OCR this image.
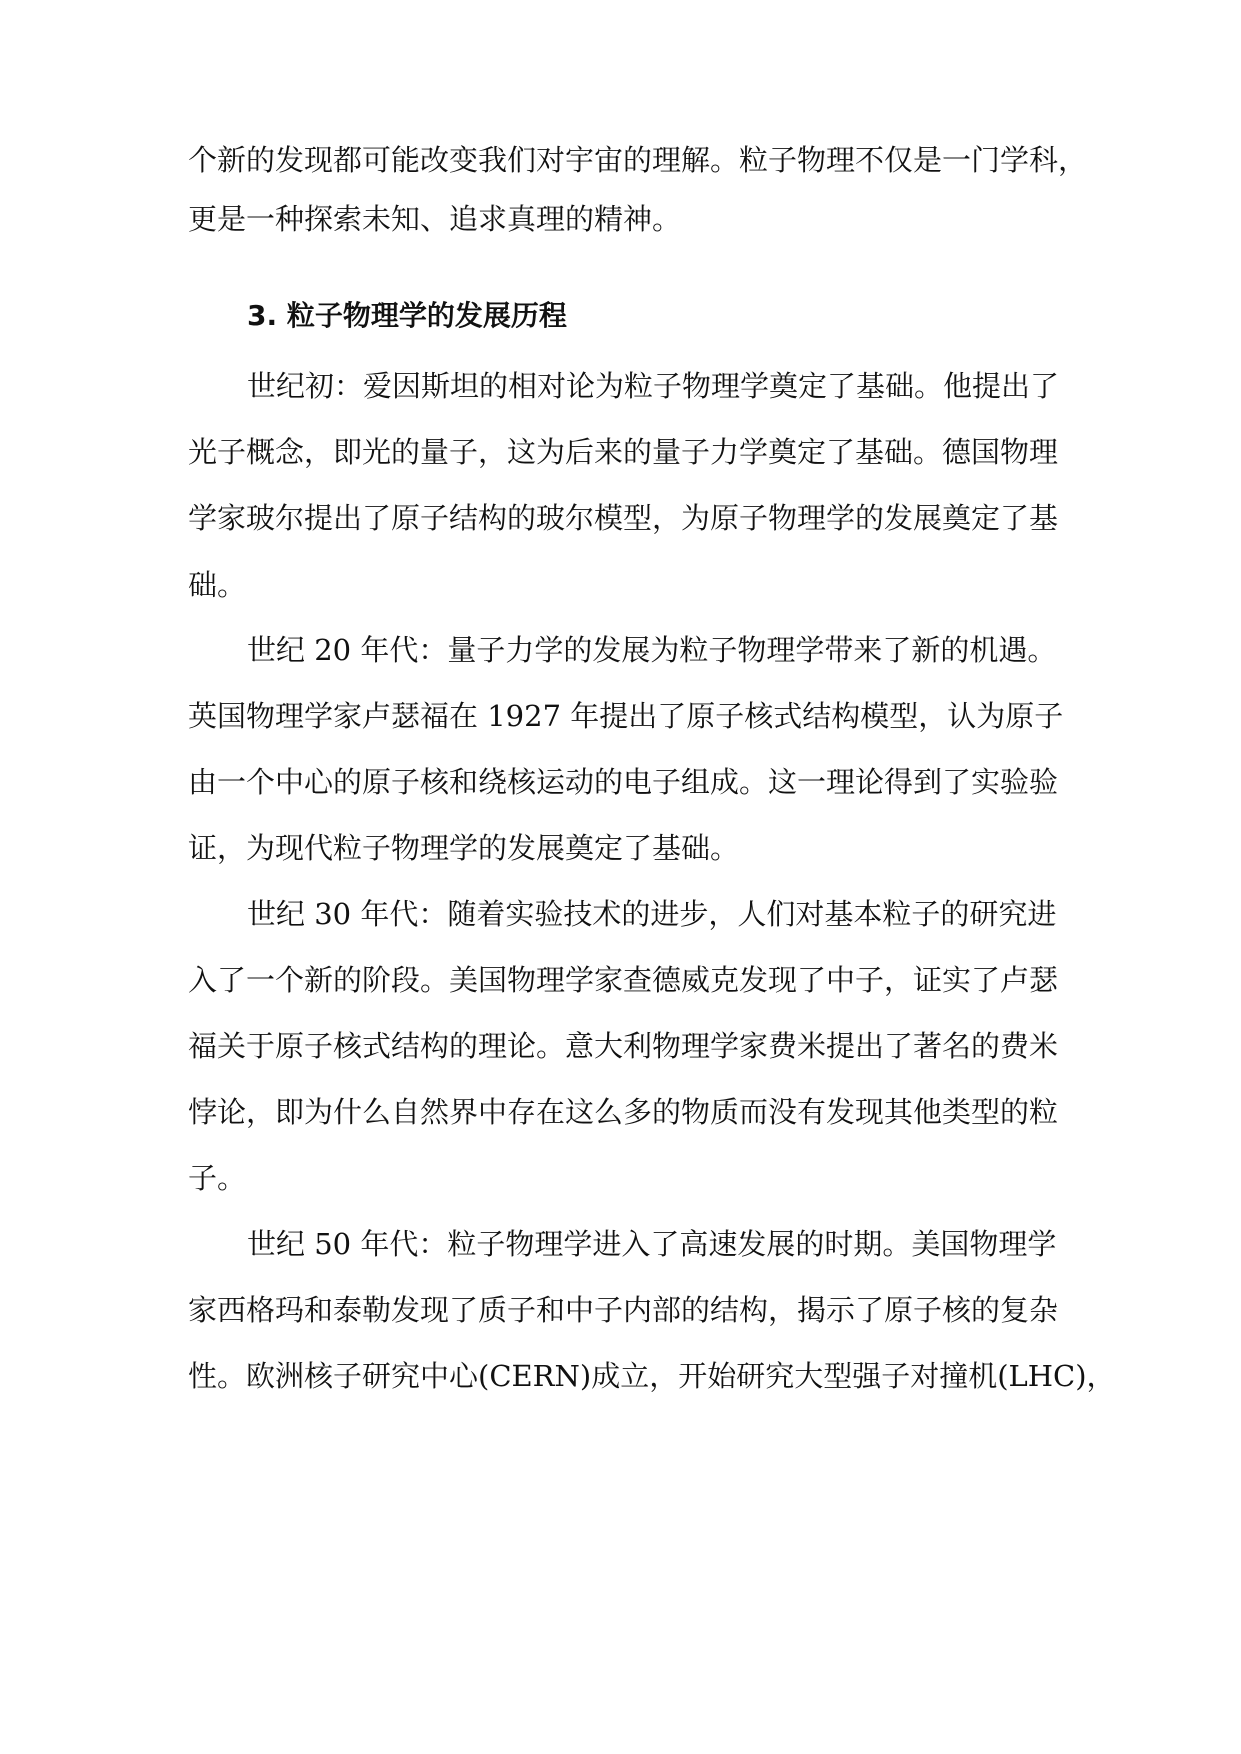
个新的发现都可能改变我们对宇宙的理解。粒子物理不仅是一门学科，
更是一种探索未知、追求真理的精神。
3. 粒子物理学的发展历程
世纪初：爱因斯坦的相对论为粒子物理学奠定了基础。他提出了
光子概念，即光的量子，这为后来的量子力学奠定了基础。德国物理
学家玻尔提出了原子结构的玻尔模型，为原子物理学的发展奠定了基
础。
世纪 20 年代：量子力学的发展为粒子物理学带来了新的机遇。
英国物理学家卢瑟福在 1927 年提出了原子核式结构模型，认为原子
由一个中心的原子核和绕核运动的电子组成。这一理论得到了实验验
证，为现代粒子物理学的发展奠定了基础。
世纪 30 年代：随着实验技术的进步，人们对基本粒子的研究进
入了一个新的阶段。美国物理学家查德威克发现了中子，证实了卢瑟
福关于原子核式结构的理论。意大利物理学家费米提出了著名的费米
悖论，即为什么自然界中存在这么多的物质而没有发现其他类型的粒
子。
世纪 50 年代：粒子物理学进入了高速发展的时期。美国物理学
家西格玛和泰勒发现了质子和中子内部的结构，揭示了原子核的复杂
性。欧洲核子研究中心(CERN)成立，开始研究大型强子对撞机(LHC)，
